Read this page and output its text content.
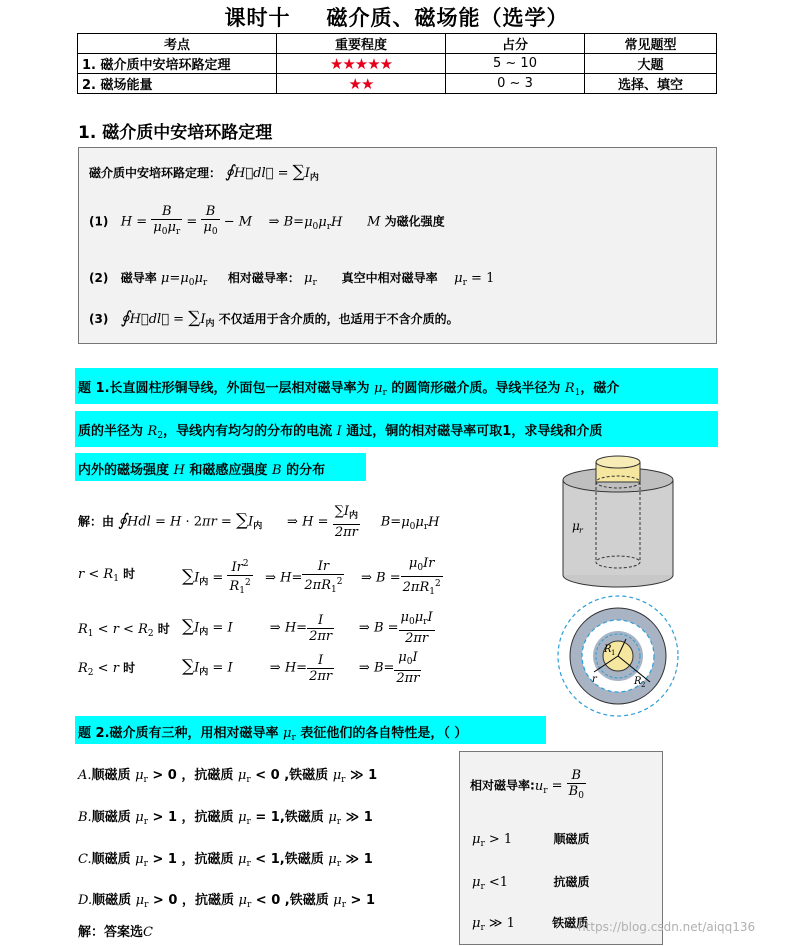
课时十 磁介质、磁场能（选学）
考点	重要程度	占分	常见题型
1. 磁介质中安培环路定理	★★★★★	5 ~ 10	大题
2. 磁场能量	★★	0 ~ 3	选择、填空
1. 磁介质中安培环路定理
磁介质中安培环路定理： ∮H⃗dl⃗ = $\sum I_内$
(1) $H = \frac{B}{\mu_0\mu_r} = \frac{B}{\mu_0} - M$    ⇒ $B=\mu_0\mu_rH$ M 为磁化强度
(2) 磁导率 $\mu=\mu_0\mu_r$ 相对磁导率： $\mu_r$ 真空中相对磁导率 $\mu_r = 1$
(3) ∮H⃗dl⃗ = $\sum I_内$ 不仅适用于含介质的，也适用于不含介质的。
题 1.长直圆柱形铜导线，外面包一层相对磁导率为 $\mu_r$ 的圆筒形磁介质。导线半径为 $R_1$，磁介
质的半径为 $R_2$，导线内有均匀的分布的电流 I 通过，铜的相对磁导率可取1，求导线和介质
内外的磁场强度 H 和磁感应强度 B 的分布
解：由 ∮Hdl = $H \cdot 2\pi r = \sum I_内$      ⇒ $H = \frac{\sum I_内}{2\pi r} B=\mu_0\mu_rH$
$r < R_1$ 时	$\sum I_内 = \frac{Ir^2}{R_1^2}$ ⇒ $H= \frac{Ir}{2\pi R_1^2}$ ⇒ $B = \frac{\mu_0Ir}{2\pi R_1^2}$
$R_1 < r < R_2$ 时 $\sum I_内 = I$         ⇒ $H= \frac{I}{2\pi r}$ ⇒ $B = \frac{\mu_0\mu_rI}{2\pi r}$
$R_2 < r$ 时	$\sum I_内 = I$         ⇒ $H= \frac{I}{2\pi r}$ ⇒ $B= \frac{\mu_0I}{2\pi r}$
μ r
R 1
r	R 2
题 2.磁介质有三种，用相对磁导率 $\mu_r$ 表征他们的各自特性是，（ ）
A.顺磁质 $\mu_r > 0$ ，抗磁质 $\mu_r < 0$ ,铁磁质 $\mu_r$ ≫ 1
B.顺磁质 $\mu_r > 1$ ，抗磁质 $\mu_r = 1$,铁磁质 $\mu_r$ ≫ 1
C.顺磁质 $\mu_r > 1$ ，抗磁质 $\mu_r < 1$,铁磁质 $\mu_r$ ≫ 1
D.顺磁质 $\mu_r > 0$ ，抗磁质 $\mu_r < 0$ ,铁磁质 $\mu_r > 1$
解：答案选C
相对磁导率$:u_r = \frac{B}{B_0}$
$\mu_r > 1$          顺磁质
$\mu_r <1$           抗磁质
$\mu_r$ ≫ 1         铁磁质
https://blog.csdn.net/aiqq136
